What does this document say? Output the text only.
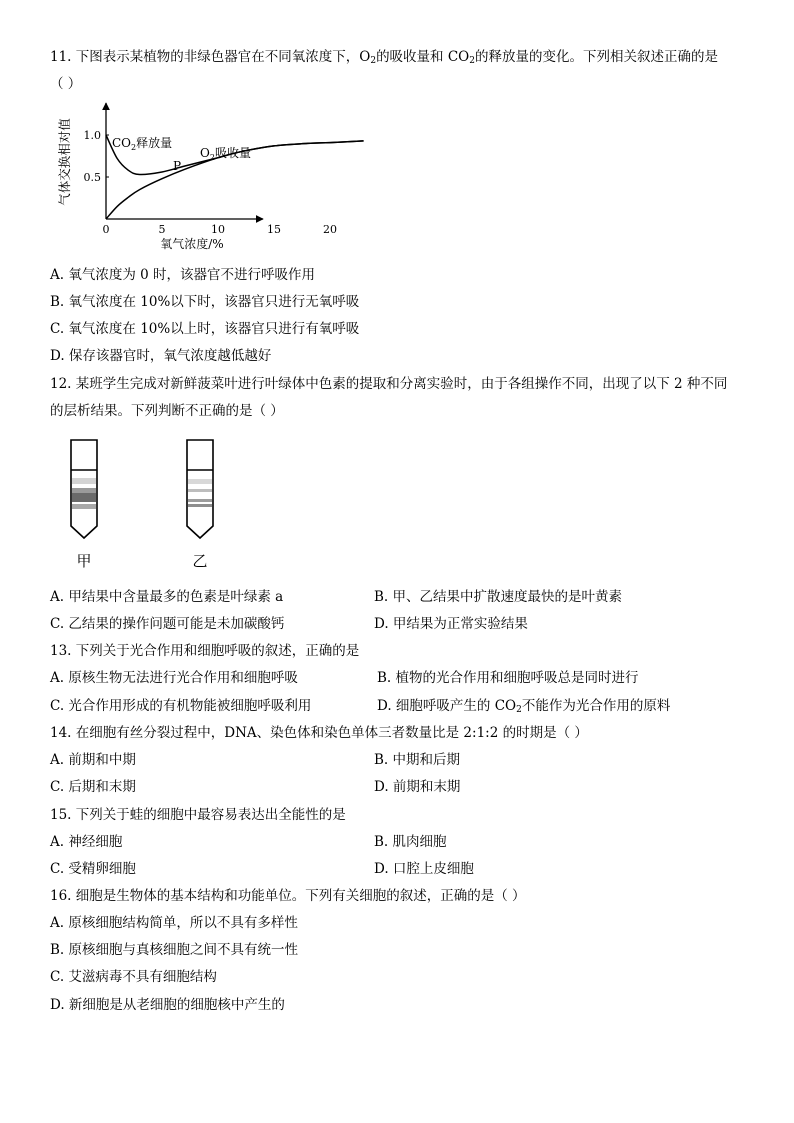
11. 下图表示某植物的非绿色器官在不同氧浓度下，$O_2$的吸收量和 $CO_2$的释放量的变化。下列相关叙述正确的是
（ ）
气体交换相对值
氧气浓度/%
1.0
0.5
0	5	10	15	20
$CO_2$释放量
$O_2$吸收量
P
A. 氧气浓度为 0 时，该器官不进行呼吸作用
B. 氧气浓度在 10%以下时，该器官只进行无氧呼吸
C. 氧气浓度在 10%以上时，该器官只进行有氧呼吸
D. 保存该器官时，氧气浓度越低越好
12. 某班学生完成对新鲜菠菜叶进行叶绿体中色素的提取和分离实验时，由于各组操作不同，出现了以下 2 种不同
的层析结果。下列判断不正确的是（ ）
甲	乙
A. 甲结果中含量最多的色素是叶绿素 a	B. 甲、乙结果中扩散速度最快的是叶黄素
C. 乙结果的操作问题可能是未加碳酸钙	D. 甲结果为正常实验结果
13. 下列关于光合作用和细胞呼吸的叙述，正确的是
A. 原核生物无法进行光合作用和细胞呼吸	B. 植物的光合作用和细胞呼吸总是同时进行
C. 光合作用形成的有机物能被细胞呼吸利用	D. 细胞呼吸产生的 $CO_2$不能作为光合作用的原料
14. 在细胞有丝分裂过程中，DNA、染色体和染色单体三者数量比是 2:1:2 的时期是（ ）
A. 前期和中期	B. 中期和后期
C. 后期和末期	D. 前期和末期
15. 下列关于蛙的细胞中最容易表达出全能性的是
A. 神经细胞	B. 肌肉细胞
C. 受精卵细胞	D. 口腔上皮细胞
16. 细胞是生物体的基本结构和功能单位。下列有关细胞的叙述，正确的是（ ）
A. 原核细胞结构简单，所以不具有多样性
B. 原核细胞与真核细胞之间不具有统一性
C. 艾滋病毒不具有细胞结构
D. 新细胞是从老细胞的细胞核中产生的
